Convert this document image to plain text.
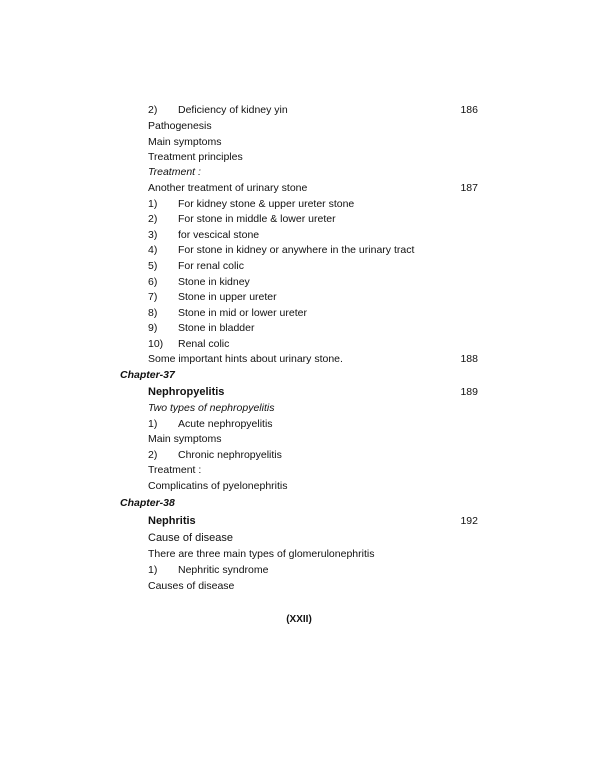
2)	Deficiency of kidney yin	186
Pathogenesis
Main symptoms
Treatment principles
Treatment :
Another treatment of urinary stone	187
1)	For kidney stone & upper ureter stone
2)	For stone in middle & lower ureter
3)	for vescical stone
4)	For stone in kidney or anywhere in the urinary tract
5)	For renal colic
6)	Stone in kidney
7)	Stone in upper ureter
8)	Stone in mid or lower ureter
9)	Stone in bladder
10)	Renal colic
Some important hints about urinary stone.	188
Chapter-37
Nephropyelitis	189
Two types of nephropyelitis
1)	Acute nephropyelitis
Main symptoms
2)	Chronic nephropyelitis
Treatment :
Complicatins of pyelonephritis
Chapter-38
Nephritis	192
Cause of disease
There are three main types of glomerulonephritis
1)	Nephritic syndrome
Causes of disease
(XXII)
